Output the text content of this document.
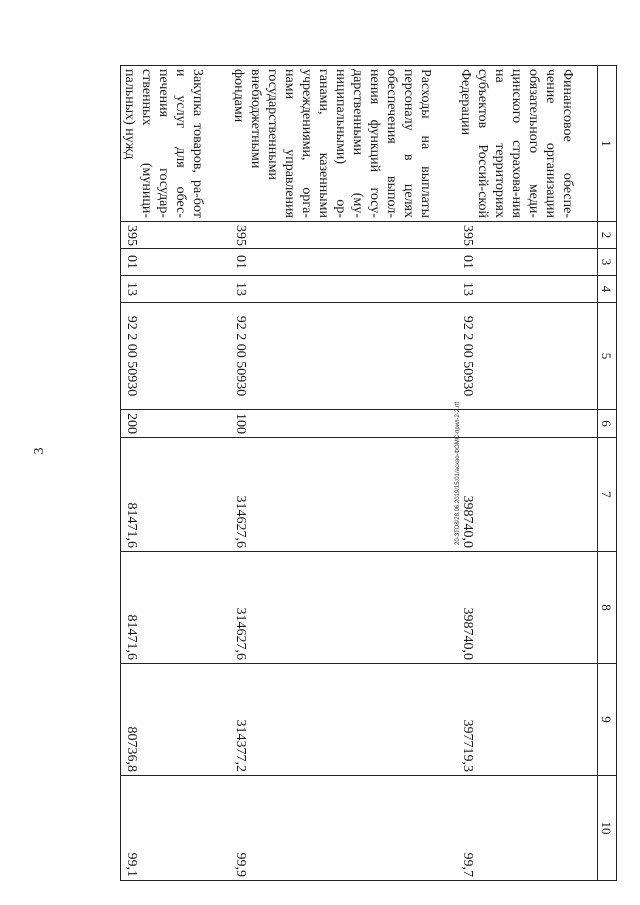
3	20-ЗТО8/28.06.2019/15:01/асхао-ФОМС-прил-2-2.rtf
1	2	3	4	5	6	7	8	9	10
Финансовое обеспе-чение организации обязательного меди-цинского страхова-ния на территориях субъектов Россий-ской Федерации	395	01	13	92 2 00 50930		398740,0	398740,0	397719,3	99,7
Расходы на выплаты персоналу в целях обеспечения выпол-нения функций госу-дарственными (му-ниципальными) ор-ганами, казенными учреждениями, орга-нами управления государственными внебюджетными фондами	395	01	13	92 2 00 50930	100	314627,6	314627,6	314377,2	99,9
Закупка товаров, ра-бот и услуг для обес-печения государ-ственных (муници-пальных) нужд	395	01	13	92 2 00 50930	200	81471,6	81471,6	80736,8	99,1
